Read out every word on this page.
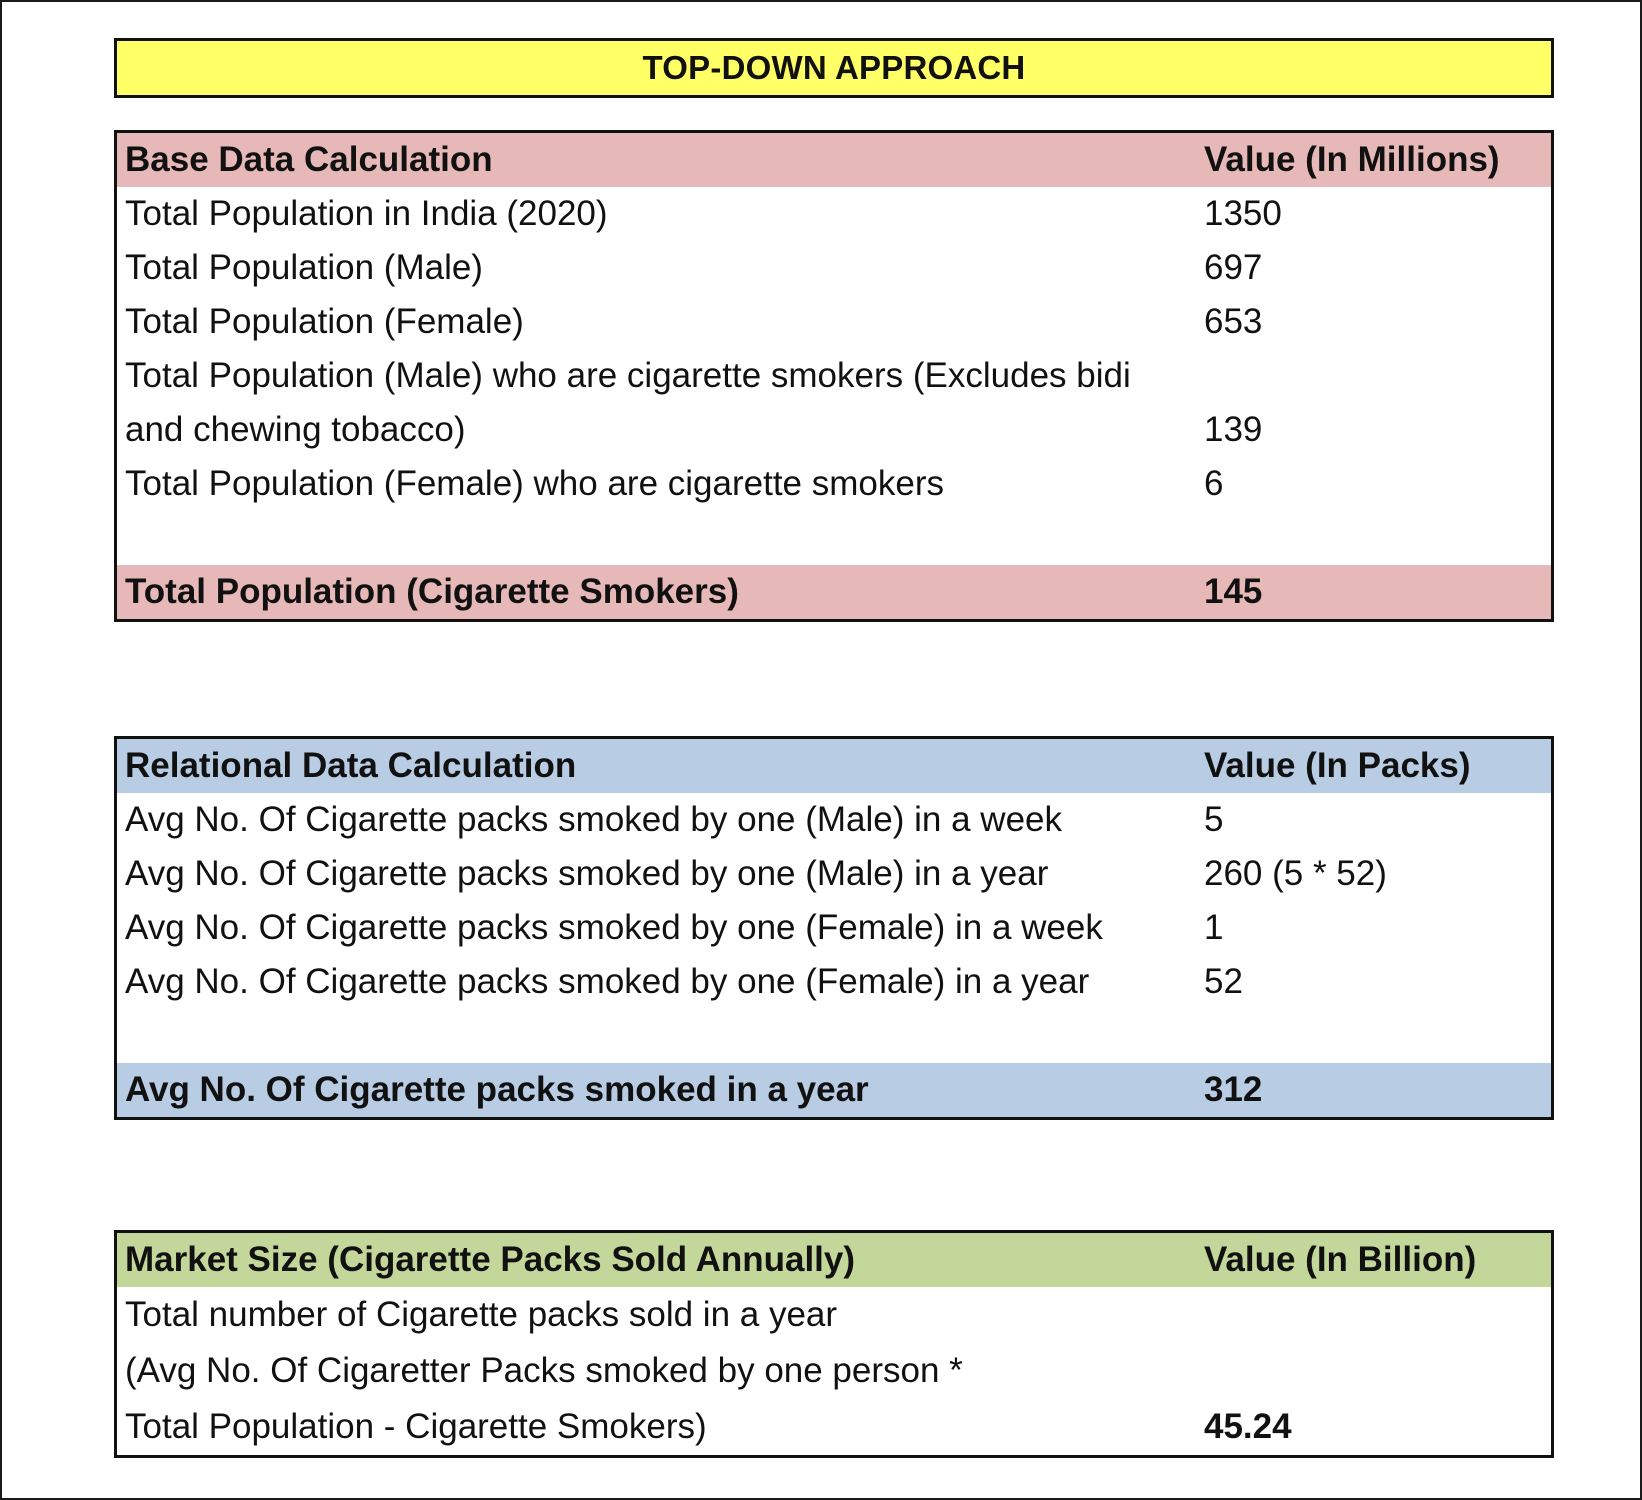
TOP-DOWN APPROACH
Base Data Calculation	Value (In Millions)
Total Population in India (2020)	1350
Total Population (Male)	697
Total Population (Female)	653
Total Population (Male) who are cigarette smokers (Excludes bidi
and chewing tobacco)	139
Total Population (Female) who are cigarette smokers	6
Total Population (Cigarette Smokers)	145
Relational Data Calculation	Value (In Packs)
Avg No. Of Cigarette packs smoked by one (Male) in a week	5
Avg No. Of Cigarette packs smoked by one (Male) in a year	260 (5 * 52)
Avg No. Of Cigarette packs smoked by one (Female) in a week	1
Avg No. Of Cigarette packs smoked by one (Female) in a year	52
Avg No. Of Cigarette packs smoked in a year	312
Market Size (Cigarette Packs Sold Annually)	Value (In Billion)
Total number of Cigarette packs sold in a year
(Avg No. Of Cigaretter Packs smoked by one person *
Total Population - Cigarette Smokers)	45.24
